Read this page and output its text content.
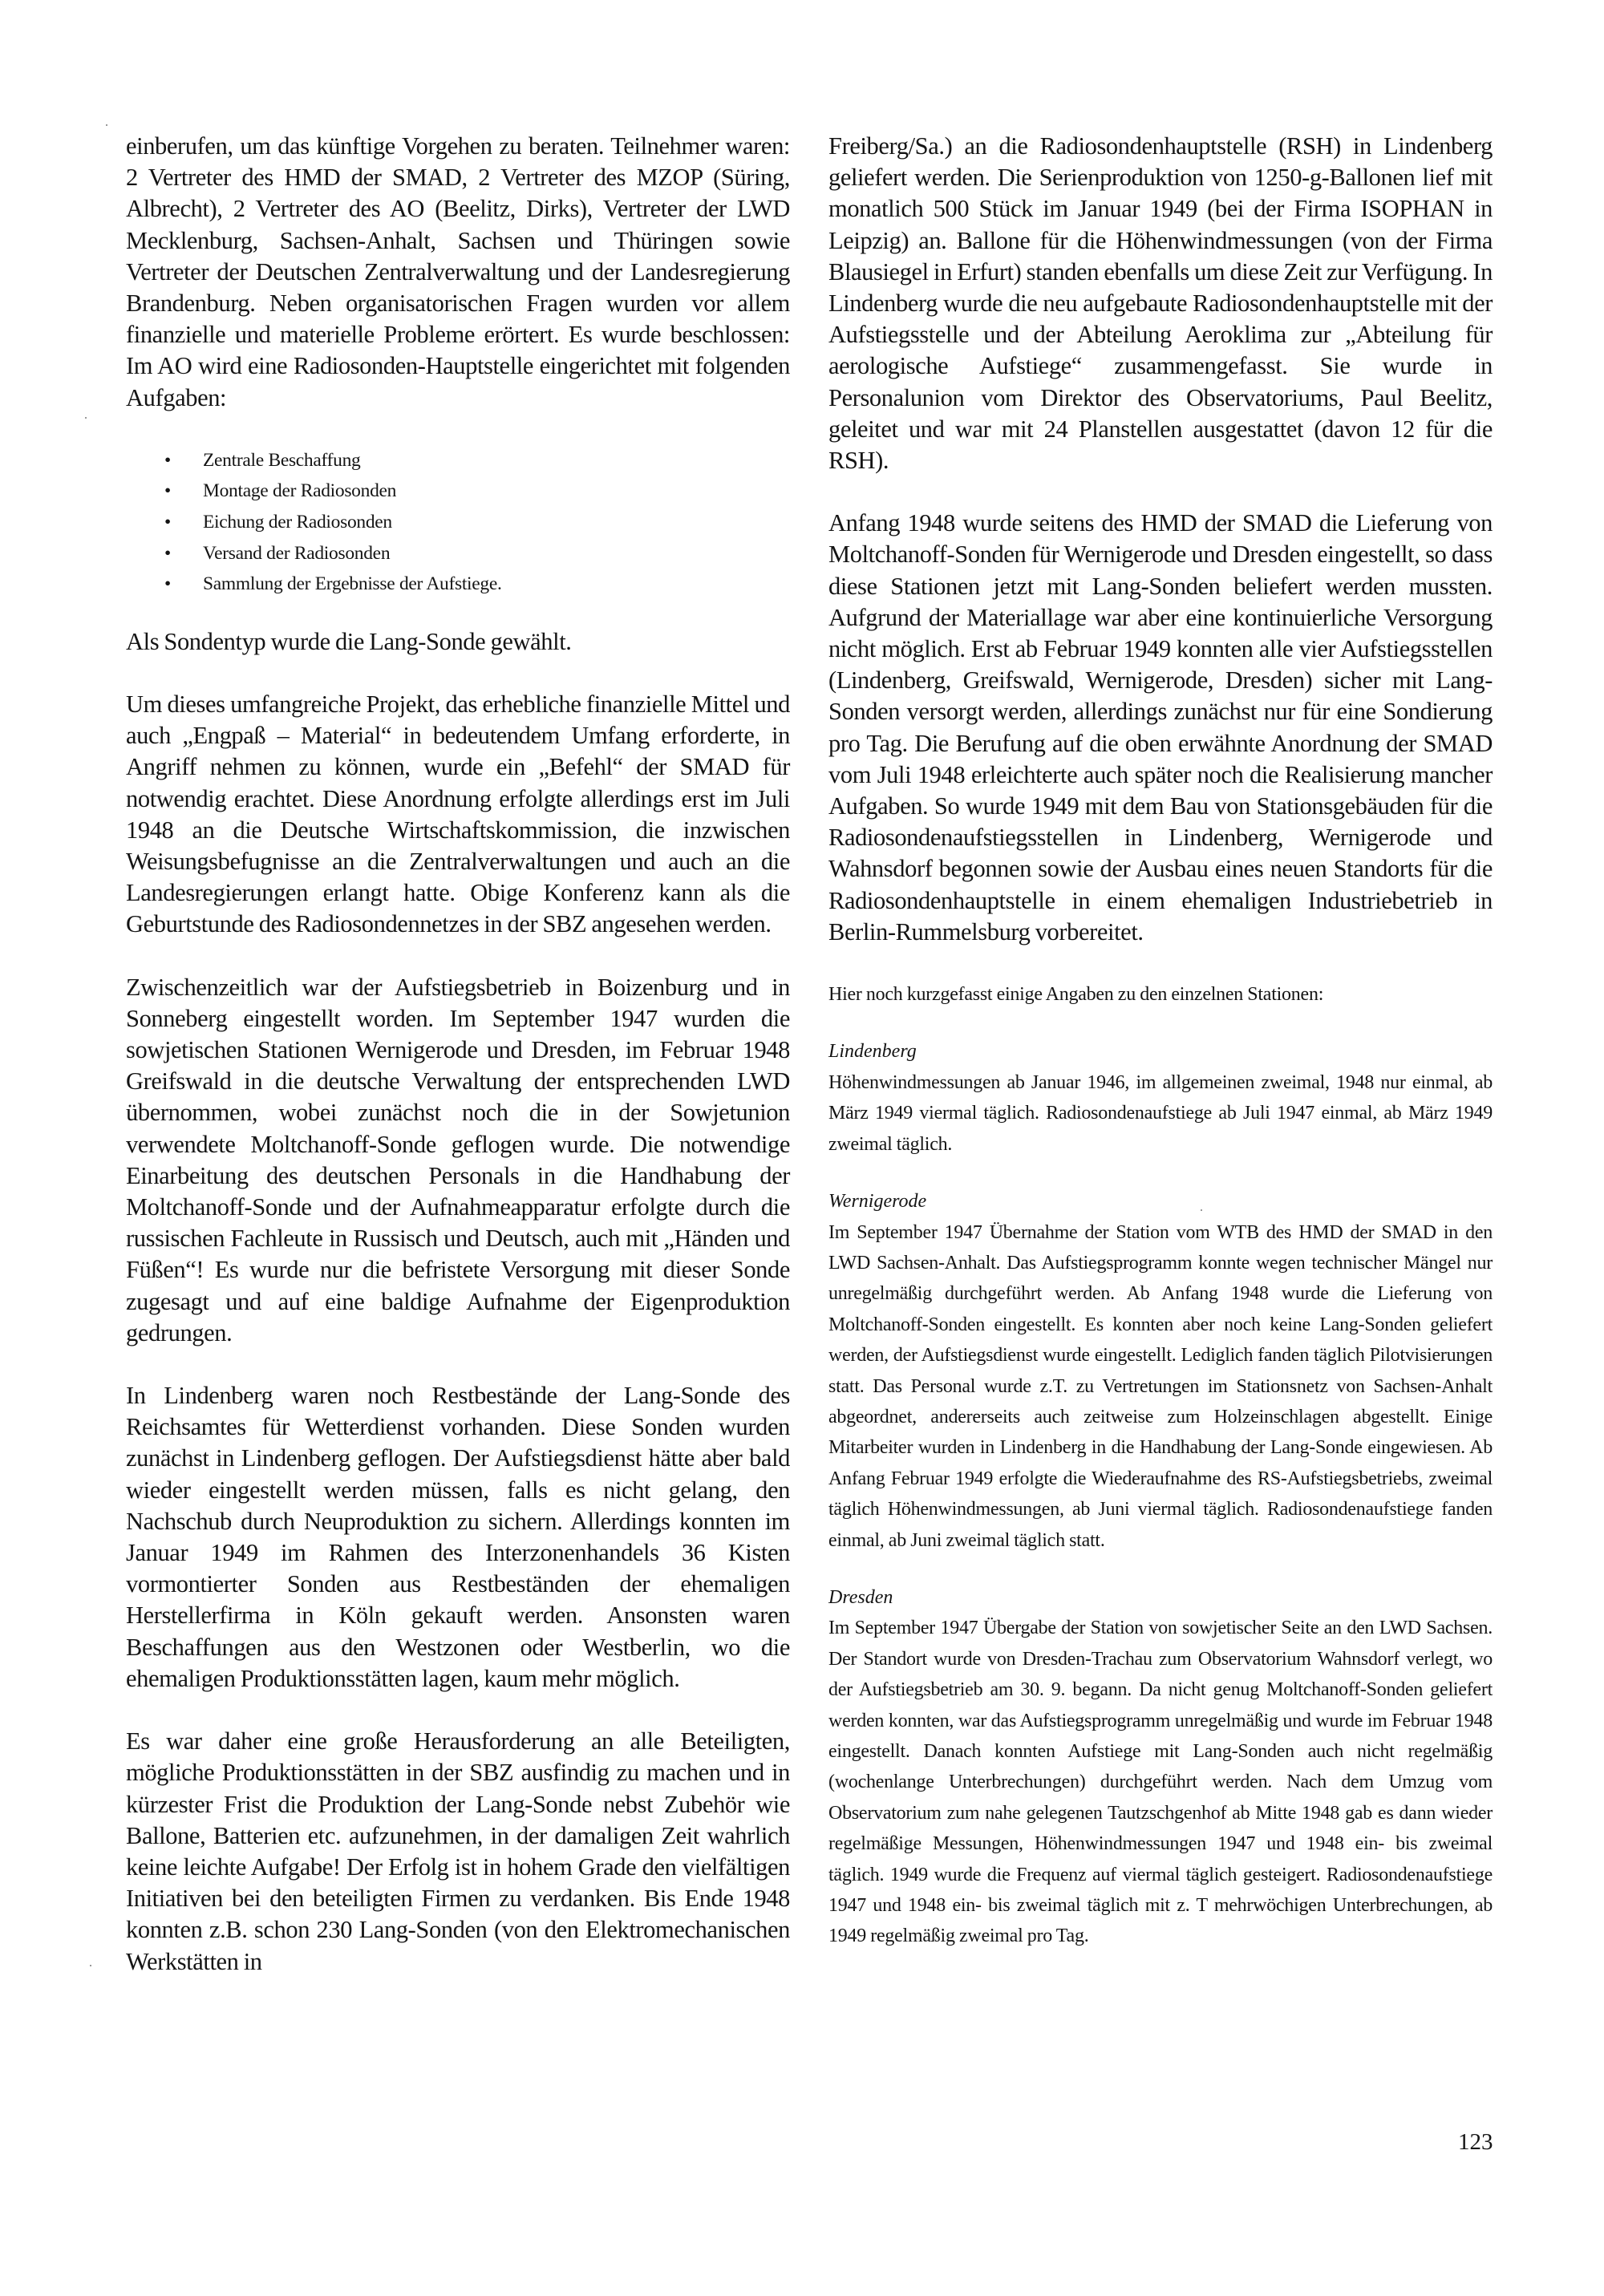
einberufen, um das künftige Vorgehen zu beraten. Teilnehmer waren: 2 Vertreter des HMD der SMAD, 2 Vertreter des MZOP (Süring, Albrecht), 2 Vertreter des AO (Beelitz, Dirks), Vertreter der LWD Mecklenburg, Sachsen-Anhalt, Sachsen und Thüringen sowie Vertreter der Deutschen Zentralverwaltung und der Landesregierung Brandenburg. Neben organisatorischen Fragen wurden vor allem finanzielle und materielle Probleme erörtert. Es wurde beschlossen: Im AO wird eine Radiosonden-Hauptstelle eingerichtet mit folgenden Aufgaben:

• Zentrale Beschaffung
• Montage der Radiosonden
• Eichung der Radiosonden
• Versand der Radiosonden
• Sammlung der Ergebnisse der Aufstiege.

Als Sondentyp wurde die Lang-Sonde gewählt.

Um dieses umfangreiche Projekt, das erhebliche finanzielle Mittel und auch „Engpaß – Material“ in bedeutendem Umfang erforderte, in Angriff nehmen zu können, wurde ein „Befehl“ der SMAD für notwendig erachtet. Diese Anordnung erfolgte allerdings erst im Juli 1948 an die Deutsche Wirtschaftskommission, die inzwischen Weisungsbefugnisse an die Zentralverwaltungen und auch an die Landesregierungen erlangt hatte. Obige Konferenz kann als die Geburtstunde des Radiosondennetzes in der SBZ angesehen werden.

Zwischenzeitlich war der Aufstiegsbetrieb in Boizenburg und in Sonneberg eingestellt worden. Im September 1947 wurden die sowjetischen Stationen Wernigerode und Dresden, im Februar 1948 Greifswald in die deutsche Verwaltung der entsprechenden LWD übernommen, wobei zunächst noch die in der Sowjetunion verwendete Moltchanoff-Sonde geflogen wurde. Die notwendige Einarbeitung des deutschen Personals in die Handhabung der Moltchanoff-Sonde und der Aufnahmeapparatur erfolgte durch die russischen Fachleute in Russisch und Deutsch, auch mit „Händen und Füßen“! Es wurde nur die befristete Versorgung mit dieser Sonde zugesagt und auf eine baldige Aufnahme der Eigenproduktion gedrungen.

In Lindenberg waren noch Restbestände der Lang-Sonde des Reichsamtes für Wetterdienst vorhanden. Diese Sonden wurden zunächst in Lindenberg geflogen. Der Aufstiegsdienst hätte aber bald wieder eingestellt werden müssen, falls es nicht gelang, den Nachschub durch Neuproduktion zu sichern. Allerdings konnten im Januar 1949 im Rahmen des Interzonenhandels 36 Kisten vormontierter Sonden aus Restbeständen der ehemaligen Herstellerfirma in Köln gekauft werden. Ansonsten waren Beschaffungen aus den Westzonen oder Westberlin, wo die ehemaligen Produktionsstätten lagen, kaum mehr möglich.

Es war daher eine große Herausforderung an alle Beteiligten, mögliche Produktionsstätten in der SBZ ausfindig zu machen und in kürzester Frist die Produktion der Lang-Sonde nebst Zubehör wie Ballone, Batterien etc. aufzunehmen, in der damaligen Zeit wahrlich keine leichte Aufgabe! Der Erfolg ist in hohem Grade den vielfältigen Initiativen bei den beteiligten Firmen zu verdanken. Bis Ende 1948 konnten z.B. schon 230 Lang-Sonden (von den Elektromechanischen Werkstätten in

Freiberg/Sa.) an die Radiosondenhauptstelle (RSH) in Lindenberg geliefert werden. Die Serienproduktion von 1250-g-Ballonen lief mit monatlich 500 Stück im Januar 1949 (bei der Firma ISOPHAN in Leipzig) an. Ballone für die Höhenwindmessungen (von der Firma Blausiegel in Erfurt) standen ebenfalls um diese Zeit zur Verfügung. In Lindenberg wurde die neu aufgebaute Radiosondenhauptstelle mit der Aufstiegsstelle und der Abteilung Aeroklima zur „Abteilung für aerologische Aufstiege“ zusammengefasst. Sie wurde in Personalunion vom Direktor des Observatoriums, Paul Beelitz, geleitet und war mit 24 Planstellen ausgestattet (davon 12 für die RSH).

Anfang 1948 wurde seitens des HMD der SMAD die Lieferung von Moltchanoff-Sonden für Wernigerode und Dresden eingestellt, so dass diese Stationen jetzt mit Lang-Sonden beliefert werden mussten. Aufgrund der Materiallage war aber eine kontinuierliche Versorgung nicht möglich. Erst ab Februar 1949 konnten alle vier Aufstiegsstellen (Lindenberg, Greifswald, Wernigerode, Dresden) sicher mit Lang-Sonden versorgt werden, allerdings zunächst nur für eine Sondierung pro Tag. Die Berufung auf die oben erwähnte Anordnung der SMAD vom Juli 1948 erleichterte auch später noch die Realisierung mancher Aufgaben. So wurde 1949 mit dem Bau von Stationsgebäuden für die Radiosondenaufstiegsstellen in Lindenberg, Wernigerode und Wahnsdorf begonnen sowie der Ausbau eines neuen Standorts für die Radiosondenhauptstelle in einem ehemaligen Industriebetrieb in Berlin-Rummelsburg vorbereitet.

Hier noch kurzgefasst einige Angaben zu den einzelnen Stationen:

Lindenberg

Höhenwindmessungen ab Januar 1946, im allgemeinen zweimal, 1948 nur einmal, ab März 1949 viermal täglich. Radiosondenaufstiege ab Juli 1947 einmal, ab März 1949 zweimal täglich.

Wernigerode

Im September 1947 Übernahme der Station vom WTB des HMD der SMAD in den LWD Sachsen-Anhalt. Das Aufstiegsprogramm konnte wegen technischer Mängel nur unregelmäßig durchgeführt werden. Ab Anfang 1948 wurde die Lieferung von Moltchanoff-Sonden eingestellt. Es konnten aber noch keine Lang-Sonden geliefert werden, der Aufstiegsdienst wurde eingestellt. Lediglich fanden täglich Pilotvisierungen statt. Das Personal wurde z.T. zu Vertretungen im Stationsnetz von Sachsen-Anhalt abgeordnet, andererseits auch zeitweise zum Holzeinschlagen abgestellt. Einige Mitarbeiter wurden in Lindenberg in die Handhabung der Lang-Sonde eingewiesen. Ab Anfang Februar 1949 erfolgte die Wiederaufnahme des RS-Aufstiegsbetriebs, zweimal täglich Höhenwindmessungen, ab Juni viermal täglich. Radiosondenaufstiege fanden einmal, ab Juni zweimal täglich statt.

Dresden

Im September 1947 Übergabe der Station von sowjetischer Seite an den LWD Sachsen. Der Standort wurde von Dresden-Trachau zum Observatorium Wahnsdorf verlegt, wo der Aufstiegsbetrieb am 30. 9. begann. Da nicht genug Moltchanoff-Sonden geliefert werden konnten, war das Aufstiegsprogramm unregelmäßig und wurde im Februar 1948 eingestellt. Danach konnten Aufstiege mit Lang-Sonden auch nicht regelmäßig (wochenlange Unterbrechungen) durchgeführt werden. Nach dem Umzug vom Observatorium zum nahe gelegenen Tautzschgenhof ab Mitte 1948 gab es dann wieder regelmäßige Messungen, Höhenwindmessungen 1947 und 1948 ein- bis zweimal täglich. 1949 wurde die Frequenz auf viermal täglich gesteigert. Radiosondenaufstiege 1947 und 1948 ein- bis zweimal täglich mit z. T mehrwöchigen Unterbrechungen, ab 1949 regelmäßig zweimal pro Tag.

123
